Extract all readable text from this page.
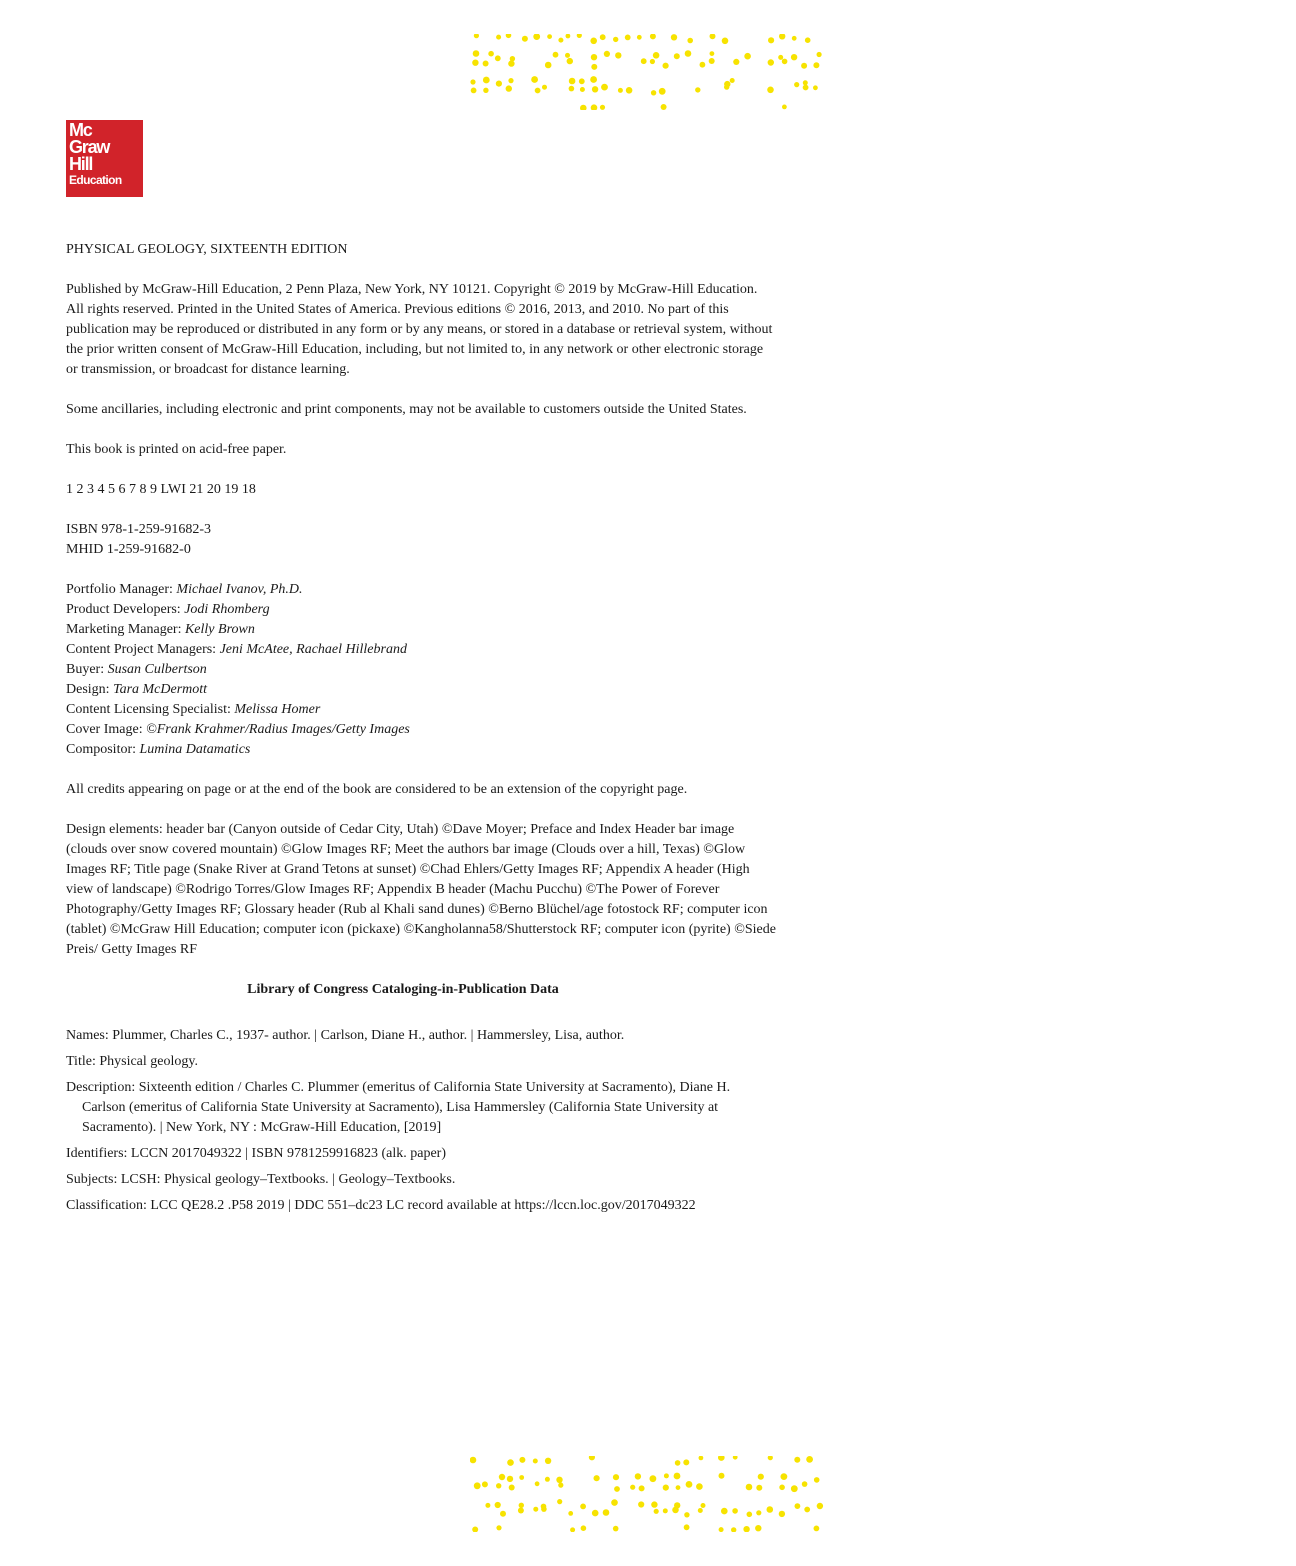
Mc
Graw
Hill
Education

PHYSICAL GEOLOGY, SIXTEENTH EDITION

Published by McGraw-Hill Education, 2 Penn Plaza, New York, NY 10121. Copyright © 2019 by McGraw-Hill Education. All rights reserved. Printed in the United States of America. Previous editions © 2016, 2013, and 2010. No part of this publication may be reproduced or distributed in any form or by any means, or stored in a database or retrieval system, without the prior written consent of McGraw-Hill Education, including, but not limited to, in any network or other electronic storage or transmission, or broadcast for distance learning.

Some ancillaries, including electronic and print components, may not be available to customers outside the United States.

This book is printed on acid-free paper.

1 2 3 4 5 6 7 8 9 LWI 21 20 19 18

ISBN 978-1-259-91682-3

MHID 1-259-91682-0

Portfolio Manager: Michael Ivanov, Ph.D.
Product Developers: Jodi Rhomberg
Marketing Manager: Kelly Brown
Content Project Managers: Jeni McAtee, Rachael Hillebrand
Buyer: Susan Culbertson
Design: Tara McDermott
Content Licensing Specialist: Melissa Homer
Cover Image: ©Frank Krahmer/Radius Images/Getty Images
Compositor: Lumina Datamatics

All credits appearing on page or at the end of the book are considered to be an extension of the copyright page.

Design elements: header bar (Canyon outside of Cedar City, Utah) ©Dave Moyer; Preface and Index Header bar image (clouds over snow covered mountain) ©Glow Images RF; Meet the authors bar image (Clouds over a hill, Texas) ©Glow Images RF; Title page (Snake River at Grand Tetons at sunset) ©Chad Ehlers/Getty Images RF; Appendix A header (High view of landscape) ©Rodrigo Torres/Glow Images RF; Appendix B header (Machu Pucchu) ©The Power of Forever Photography/Getty Images RF; Glossary header (Rub al Khali sand dunes) ©Berno Blüchel/age fotostock RF; computer icon (tablet) ©McGraw Hill Education; computer icon (pickaxe) ©Kangholanna58/Shutterstock RF; computer icon (pyrite) ©Siede Preis/ Getty Images RF

Library of Congress Cataloging-in-Publication Data

Names: Plummer, Charles C., 1937- author. | Carlson, Diane H., author. | Hammersley, Lisa, author.

Title: Physical geology.

Description: Sixteenth edition / Charles C. Plummer (emeritus of California State University at Sacramento), Diane H. Carlson (emeritus of California State University at Sacramento), Lisa Hammersley (California State University at Sacramento). | New York, NY : McGraw-Hill Education, [2019]

Identifiers: LCCN 2017049322 | ISBN 9781259916823 (alk. paper)

Subjects: LCSH: Physical geology–Textbooks. | Geology–Textbooks.

Classification: LCC QE28.2 .P58 2019 | DDC 551–dc23 LC record available at https://lccn.loc.gov/2017049322
